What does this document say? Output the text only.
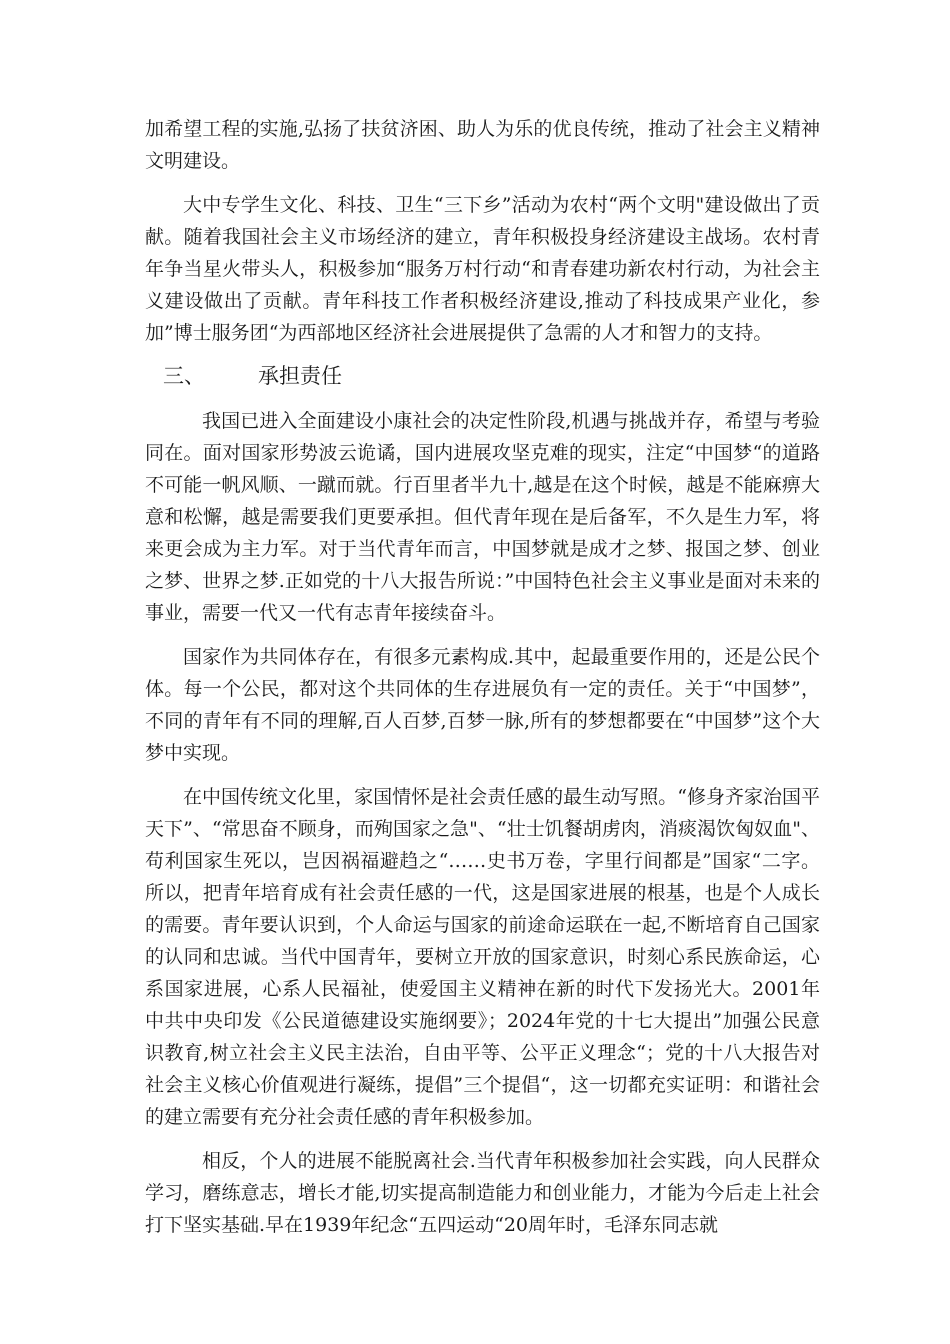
加希望工程的实施,弘扬了扶贫济困、助人为乐的优良传统，推动了社会主义精神文明建设。

大中专学生文化、科技、卫生“三下乡”活动为农村“两个文明"建设做出了贡献。随着我国社会主义市场经济的建立，青年积极投身经济建设主战场。农村青年争当星火带头人，积极参加“服务万村行动“和青春建功新农村行动，为社会主义建设做出了贡献。青年科技工作者积极经济建设,推动了科技成果产业化，参加”博士服务团“为西部地区经济社会进展提供了急需的人才和智力的支持。

三、	承担责任

我国已进入全面建设小康社会的决定性阶段,机遇与挑战并存，希望与考验同在。面对国家形势波云诡谲，国内进展攻坚克难的现实，注定“中国梦“的道路不可能一帆风顺、一蹴而就。行百里者半九十,越是在这个时候，越是不能麻痹大意和松懈，越是需要我们更要承担。但代青年现在是后备军，不久是生力军，将来更会成为主力军。对于当代青年而言，中国梦就是成才之梦、报国之梦、创业之梦、世界之梦.正如党的十八大报告所说：”中国特色社会主义事业是面对未来的事业，需要一代又一代有志青年接续奋斗。

国家作为共同体存在，有很多元素构成.其中，起最重要作用的，还是公民个体。每一个公民，都对这个共同体的生存进展负有一定的责任。关于“中国梦”，不同的青年有不同的理解,百人百梦,百梦一脉,所有的梦想都要在“中国梦”这个大梦中实现。

在中国传统文化里，家国情怀是社会责任感的最生动写照。“修身齐家治国平天下”、“常思奋不顾身，而殉国家之急"、“壮士饥餐胡虏肉，消痰渴饮匈奴血"、苟利国家生死以，岂因祸福避趋之“……史书万卷，字里行间都是”国家“二字。所以，把青年培育成有社会责任感的一代，这是国家进展的根基，也是个人成长的需要。青年要认识到，个人命运与国家的前途命运联在一起,不断培育自己国家的认同和忠诚。当代中国青年，要树立开放的国家意识，时刻心系民族命运，心系国家进展，心系人民福祉，使爱国主义精神在新的时代下发扬光大。2001年中共中央印发《公民道德建设实施纲要》；2024年党的十七大提出”加强公民意识教育,树立社会主义民主法治，自由平等、公平正义理念“；党的十八大报告对社会主义核心价值观进行凝练，提倡”三个提倡“，这一切都充实证明：和谐社会的建立需要有充分社会责任感的青年积极参加。

相反，个人的进展不能脱离社会.当代青年积极参加社会实践，向人民群众学习，磨练意志，增长才能,切实提高制造能力和创业能力，才能为今后走上社会打下坚实基础.早在1939年纪念“五四运动“20周年时，毛泽东同志就
